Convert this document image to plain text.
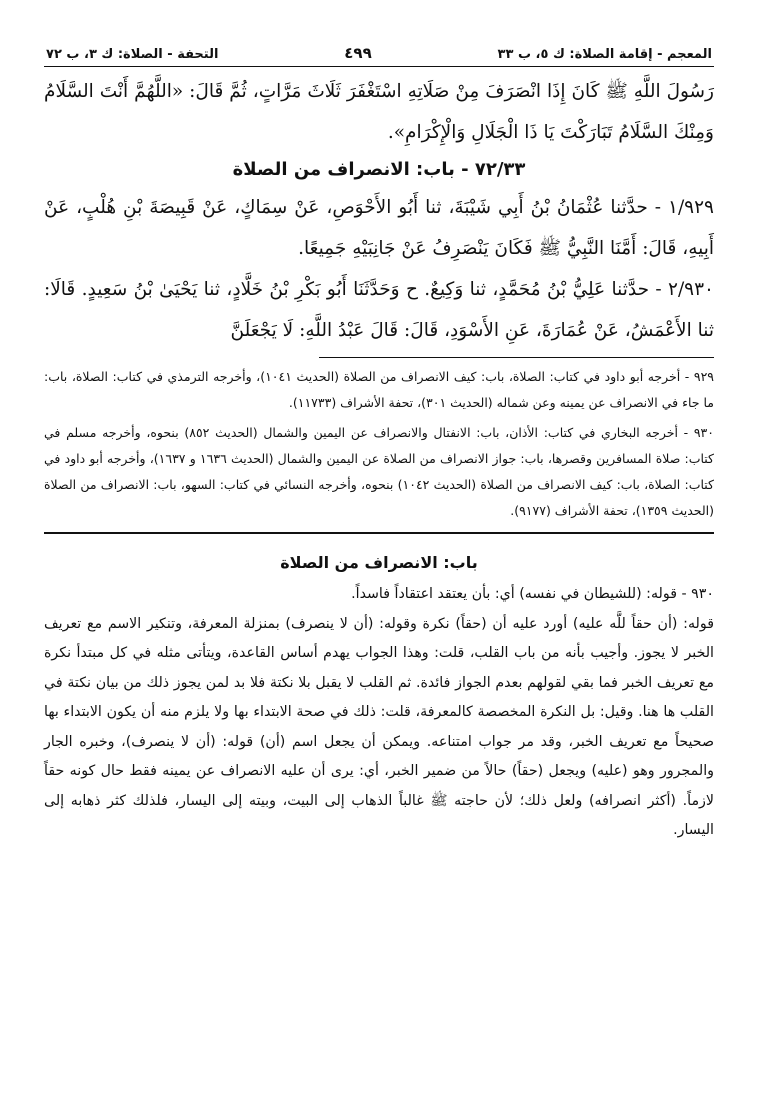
المعجم - إقامة الصلاة: ك ٥، ب ٣٣
٤٩٩
التحفة - الصلاة: ك ٣، ب ٧٢

رَسُولَ اللَّهِ ﷺ كَانَ إِذَا انْصَرَفَ مِنْ صَلَاتِهِ اسْتَغْفَرَ ثَلَاثَ مَرَّاتٍ، ثُمَّ قَالَ: «اللَّهُمَّ أَنْتَ السَّلَامُ وَمِنْكَ السَّلَامُ تَبَارَكْتَ يَا ذَا الْجَلَالِ وَالْإِكْرَامِ».

٧٢/٣٣ - باب: الانصراف من الصلاة

١/٩٢٩ - حدَّثنا عُثْمَانُ بْنُ أَبِي شَيْبَةَ، ثنا أَبُو الأَحْوَصِ، عَنْ سِمَاكٍ، عَنْ قَبِيصَةَ بْنِ هُلْبٍ، عَنْ أَبِيهِ، قَالَ: أَمَّنَا النَّبِيُّ ﷺ فَكَانَ يَنْصَرِفُ عَنْ جَانِبَيْهِ جَمِيعًا.

٢/٩٣٠ - حدَّثنا عَلِيُّ بْنُ مُحَمَّدٍ، ثنا وَكِيعٌ. ح وَحَدَّثَنَا أَبُو بَكْرِ بْنُ خَلَّادٍ، ثنا يَحْيَىٰ بْنُ سَعِيدٍ. قَالَا: ثنا الأَعْمَشُ، عَنْ عُمَارَةَ، عَنِ الأَسْوَدِ، قَالَ: قَالَ عَبْدُ اللَّهِ: لَا يَجْعَلَنَّ

٩٢٩ - أخرجه أبو داود في كتاب: الصلاة، باب: كيف الانصراف من الصلاة (الحديث ١٠٤١)، وأخرجه الترمذي في كتاب: الصلاة، باب: ما جاء في الانصراف عن يمينه وعن شماله (الحديث ٣٠١)، تحفة الأشراف (١١٧٣٣).

٩٣٠ - أخرجه البخاري في كتاب: الأذان، باب: الانفتال والانصراف عن اليمين والشمال (الحديث ٨٥٢) بنحوه، وأخرجه مسلم في كتاب: صلاة المسافرين وقصرها، باب: جواز الانصراف من الصلاة عن اليمين والشمال (الحديث ١٦٣٦ و ١٦٣٧)، وأخرجه أبو داود في كتاب: الصلاة، باب: كيف الانصراف من الصلاة (الحديث ١٠٤٢) بنحوه، وأخرجه النسائي في كتاب: السهو، باب: الانصراف من الصلاة (الحديث ١٣٥٩)، تحفة الأشراف (٩١٧٧).

باب: الانصراف من الصلاة

٩٣٠ - قوله: (للشيطان في نفسه) أي: بأن يعتقد اعتقاداً فاسداً.

قوله: (أن حقاً للَّه عليه) أورد عليه أن (حقاً) نكرة وقوله: (أن لا ينصرف) بمنزلة المعرفة، وتنكير الاسم مع تعريف الخبر لا يجوز. وأجيب بأنه من باب القلب، قلت: وهذا الجواب يهدم أساس القاعدة، ويتأتى مثله في كل مبتدأ نكرة مع تعريف الخبر فما بقي لقولهم بعدم الجواز فائدة. ثم القلب لا يقبل بلا نكتة فلا بد لمن يجوز ذلك من بيان نكتة في القلب ها هنا. وقيل: بل النكرة المخصصة كالمعرفة، قلت: ذلك في صحة الابتداء بها ولا يلزم منه أن يكون الابتداء بها صحيحاً مع تعريف الخبر، وقد مر جواب امتناعه. ويمكن أن يجعل اسم (أن) قوله: (أن لا ينصرف)، وخبره الجار والمجرور وهو (عليه) ويجعل (حقاً) حالاً من ضمير الخبر، أي: يرى أن عليه الانصراف عن يمينه فقط حال كونه حقاً لازماً. (أكثر انصرافه) ولعل ذلك؛ لأن حاجته ﷺ غالباً الذهاب إلى البيت، وبيته إلى اليسار، فلذلك كثر ذهابه إلى اليسار.
